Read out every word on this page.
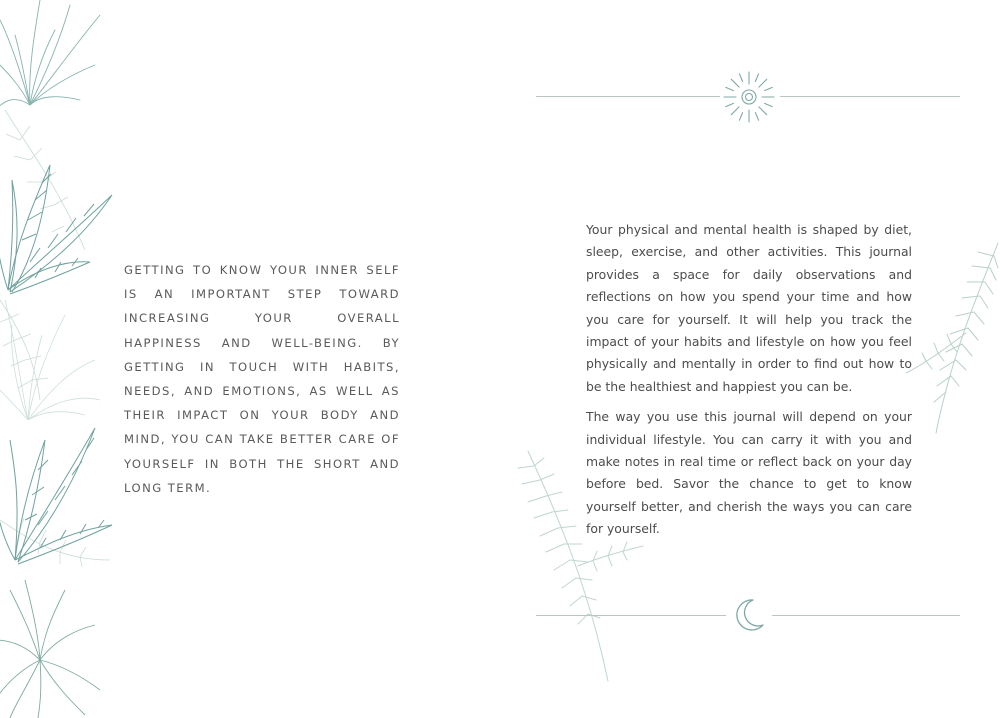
GETTING TO KNOW YOUR INNER SELF IS AN IMPORTANT STEP TOWARD INCREASING YOUR OVERALL HAPPINESS AND WELL-BEING. BY GETTING IN TOUCH WITH HABITS, NEEDS, AND EMOTIONS, AS WELL AS THEIR IMPACT ON YOUR BODY AND MIND, YOU CAN TAKE BETTER CARE OF YOURSELF IN BOTH THE SHORT AND LONG TERM.

Your physical and mental health is shaped by diet, sleep, exercise, and other activities. This journal provides a space for daily observations and reflections on how you spend your time and how you care for yourself. It will help you track the impact of your habits and lifestyle on how you feel physically and mentally in order to find out how to be the healthiest and happiest you can be.

The way you use this journal will depend on your individual lifestyle. You can carry it with you and make notes in real time or reflect back on your day before bed. Savor the chance to get to know yourself better, and cherish the ways you can care for yourself.
